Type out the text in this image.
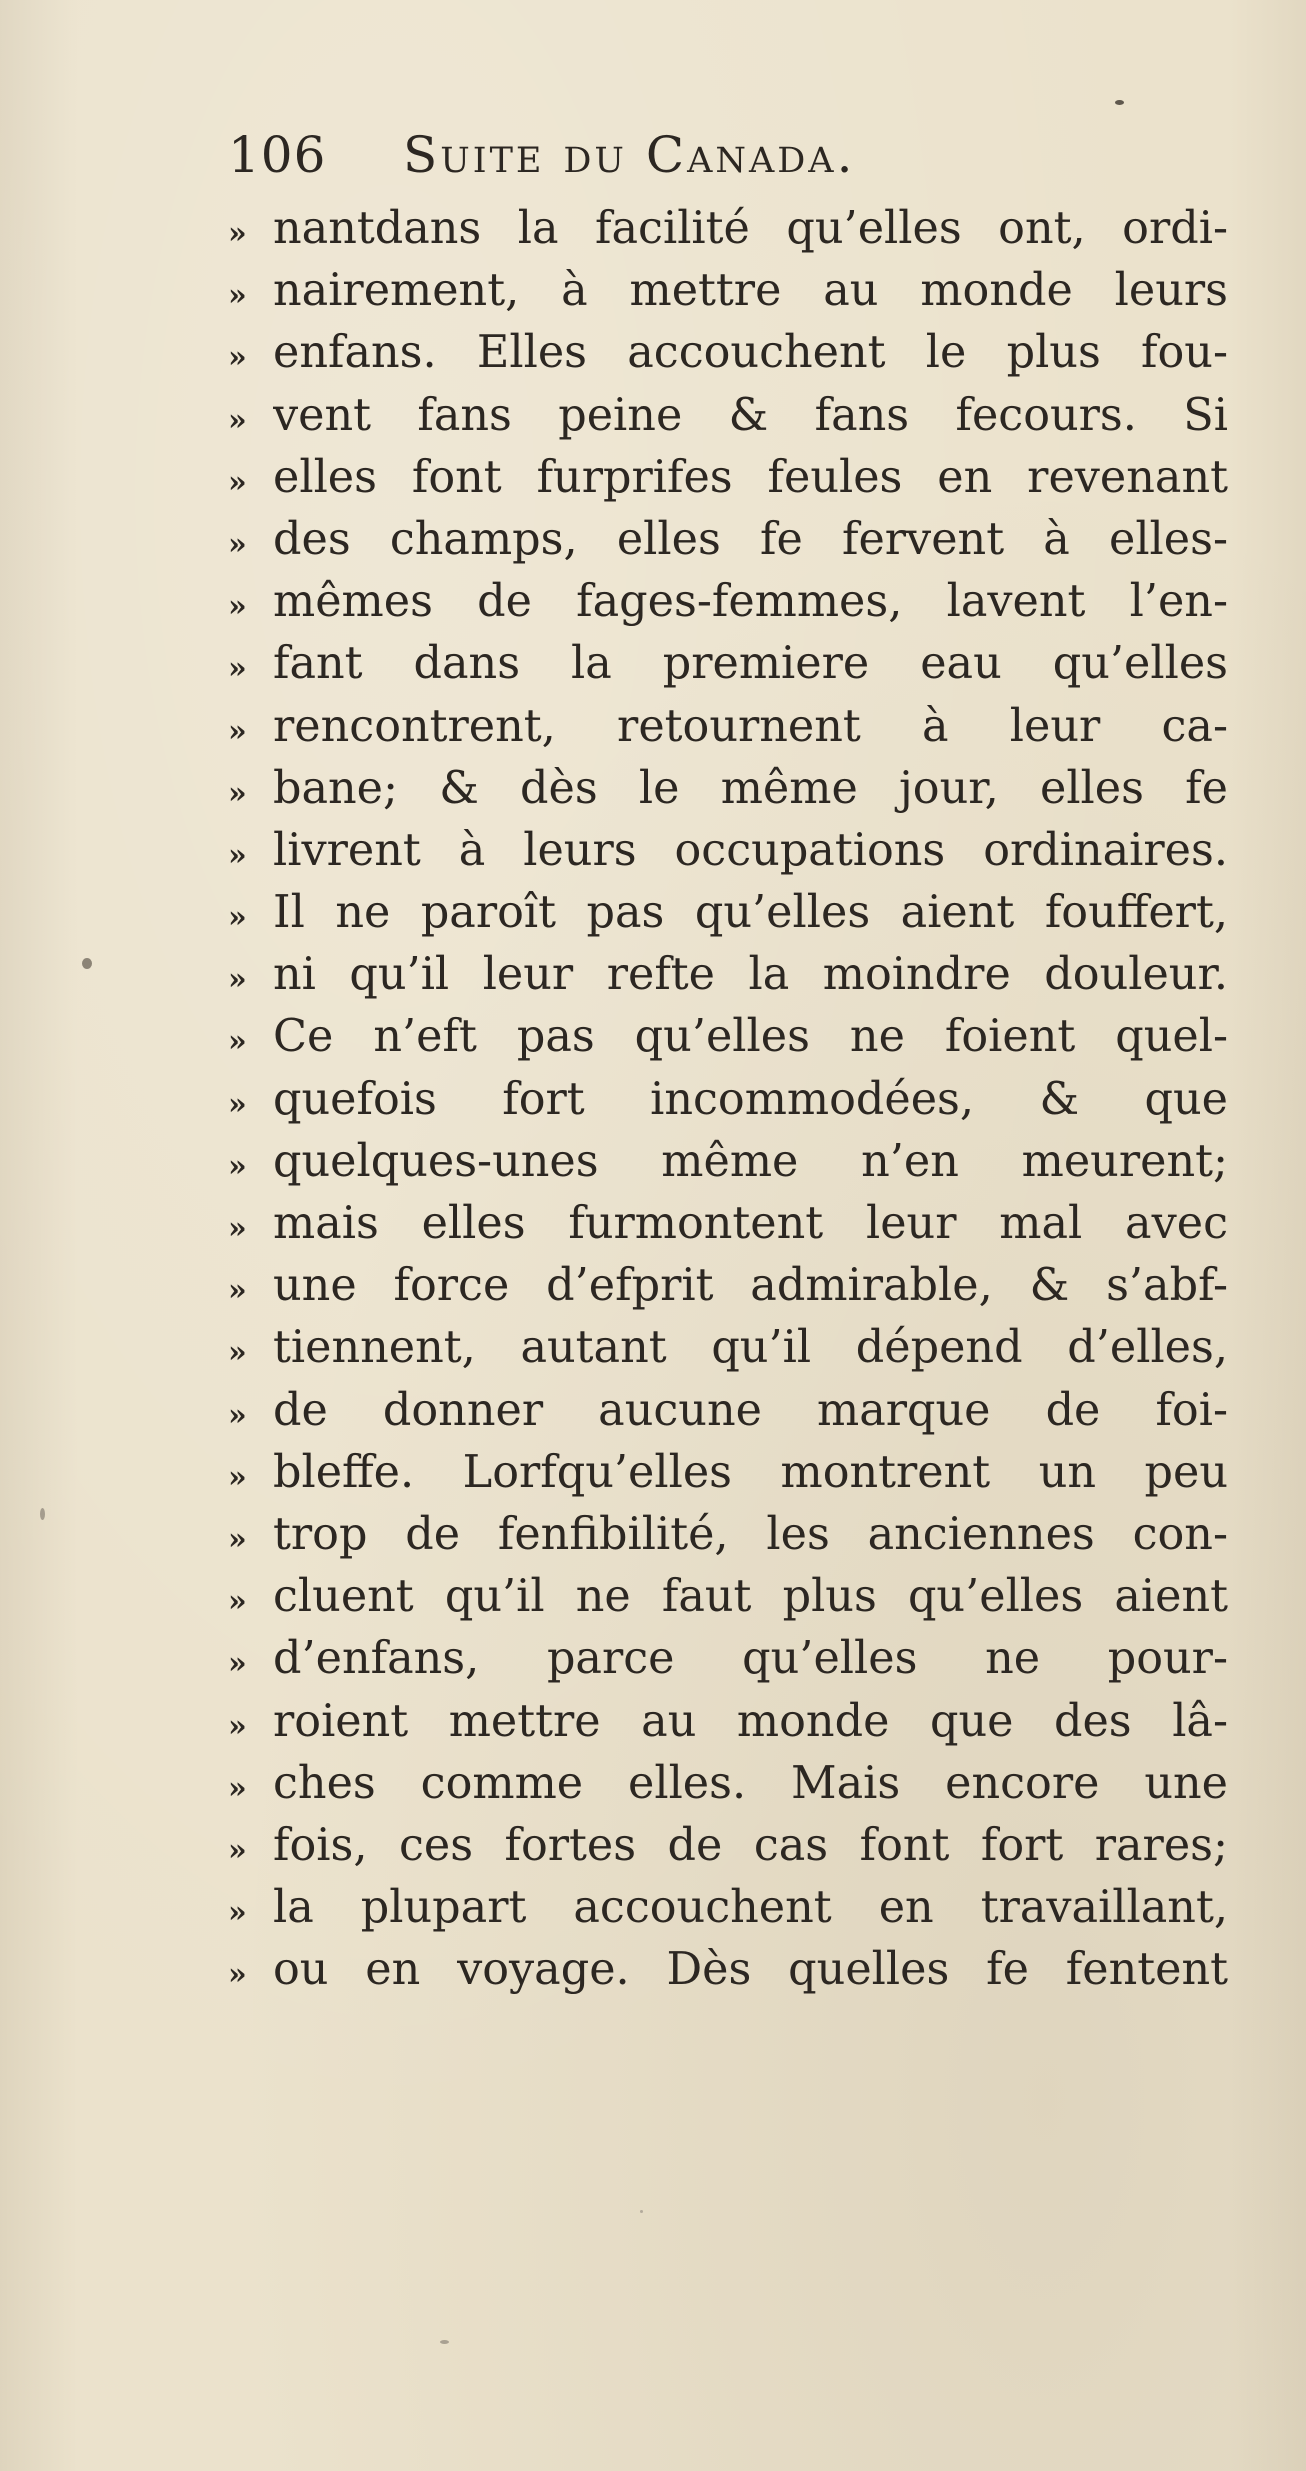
106 Suite du Canada.
» nantdans la facilité qu’elles ont, ordi-
» nairement, à mettre au monde leurs
» enfans. Elles accouchent le plus fou-
» vent fans peine & fans fecours. Si
» elles font furprifes feules en revenant
» des champs, elles fe fervent à elles-
» mêmes de fages-femmes, lavent l’en-
» fant dans la premiere eau qu’elles
» rencontrent, retournent à leur ca-
» bane; & dès le même jour, elles fe
» livrent à leurs occupations ordinaires.
» Il ne paroît pas qu’elles aient fouffert,
» ni qu’il leur refte la moindre douleur.
» Ce n’eft pas qu’elles ne foient quel-
» quefois fort incommodées, & que
» quelques-unes même n’en meurent;
» mais elles furmontent leur mal avec
» une force d’efprit admirable, & s’abf-
» tiennent, autant qu’il dépend d’elles,
» de donner aucune marque de foi-
» bleffe. Lorfqu’elles montrent un peu
» trop de fenfibilité, les anciennes con-
» cluent qu’il ne faut plus qu’elles aient
» d’enfans, parce qu’elles ne pour-
» roient mettre au monde que des lâ-
» ches comme elles. Mais encore une
» fois, ces fortes de cas font fort rares;
» la plupart accouchent en travaillant,
» ou en voyage. Dès quelles fe fentent
